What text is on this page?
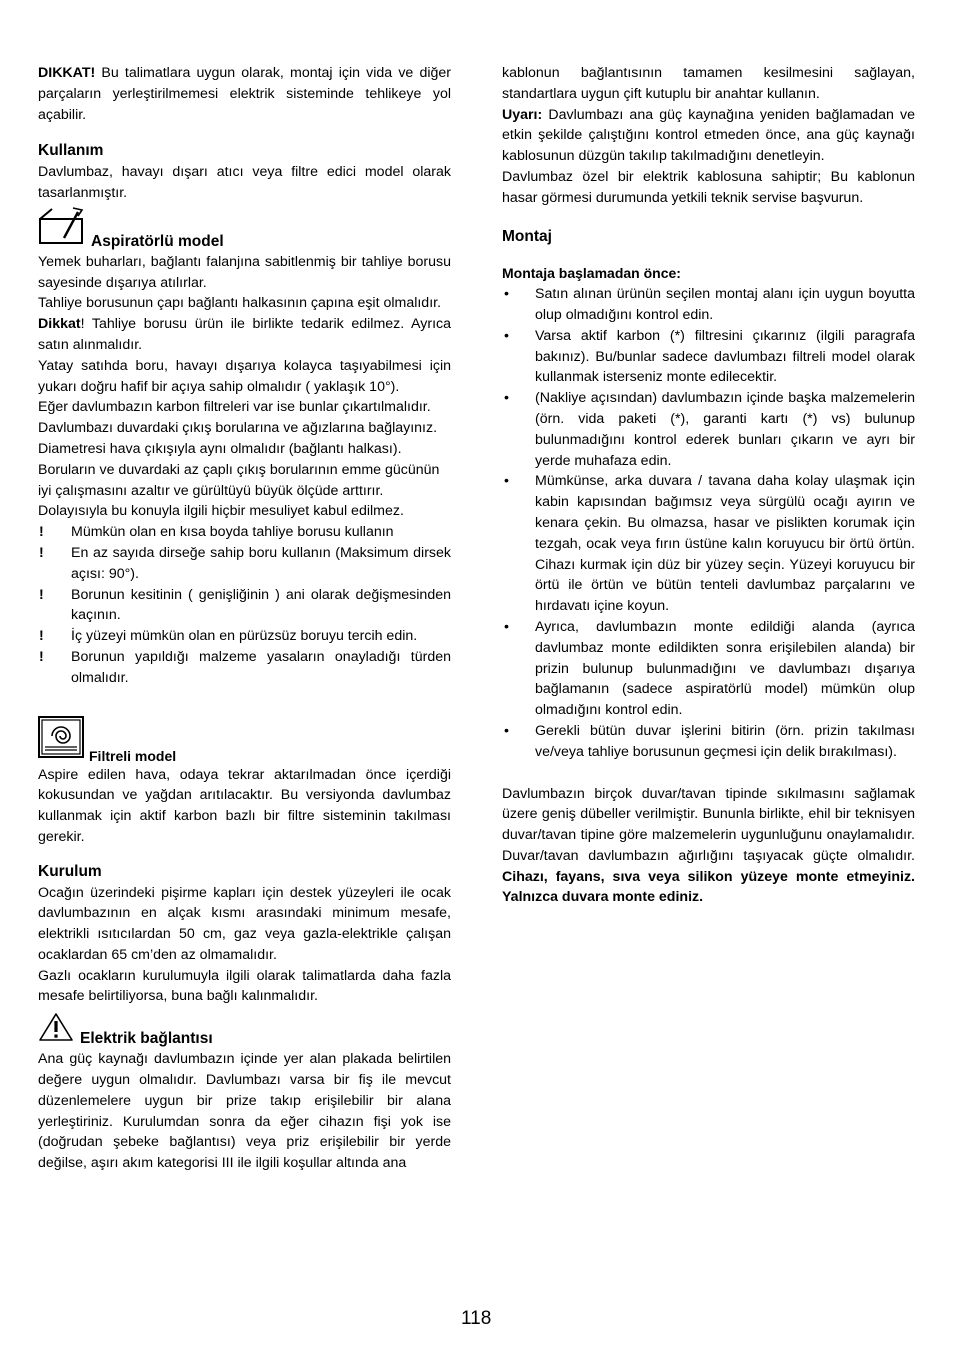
DIKKAT! Bu talimatlara uygun olarak, montaj için vida ve diğer parçaların yerleştirilmemesi elektrik sisteminde tehlikeye yol açabilir.

Kullanım

Davlumbaz, havayı dışarı atıcı veya filtre edici model olarak tasarlanmıştır.

Aspiratörlü model

Yemek buharları, bağlantı falanjına sabitlenmiş bir tahliye borusu sayesinde dışarıya atılırlar.

Tahliye borusunun çapı bağlantı halkasının çapına eşit olmalıdır.

Dikkat! Tahliye borusu ürün ile birlikte tedarik edilmez. Ayrıca satın alınmalıdır.

Yatay satıhda boru, havayı dışarıya kolayca taşıyabilmesi için yukarı doğru hafif bir açıya sahip olmalıdır ( yaklaşık 10°).

Eğer davlumbazın karbon filtreleri var ise bunlar çıkartılmalıdır.

Davlumbazı duvardaki çıkış borularına ve ağızlarına bağlayınız. Diametresi hava çıkışıyla aynı olmalıdır (bağlantı halkası).

Boruların ve duvardaki az çaplı çıkış borularının emme gücünün iyi çalışmasını azaltır ve gürültüyü büyük ölçüde arttırır.

Dolayısıyla bu konuyla ilgili hiçbir mesuliyet kabul edilmez.

! Mümkün olan en kısa boyda tahliye borusu kullanın
! En az sayıda dirseğe sahip boru kullanın (Maksimum dirsek açısı: 90°).
! Borunun kesitinin ( genişliğinin ) ani olarak değişmesinden kaçının.
! İç yüzeyi mümkün olan en pürüzsüz boruyu tercih edin.
! Borunun yapıldığı malzeme yasaların onayladığı türden olmalıdır.
Filtreli model

Aspire edilen hava, odaya tekrar aktarılmadan önce içerdiği kokusundan ve yağdan arıtılacaktır. Bu versiyonda davlumbaz kullanmak için aktif karbon bazlı bir filtre sisteminin takılması gerekir.

Kurulum

Ocağın üzerindeki pişirme kapları için destek yüzeyleri ile ocak davlumbazının en alçak kısmı arasındaki minimum mesafe, elektrikli ısıtıcılardan 50 cm, gaz veya gazla-elektrikle çalışan ocaklardan 65 cm’den az olmamalıdır.

Gazlı ocakların kurulumuyla ilgili olarak talimatlarda daha fazla mesafe belirtiliyorsa, buna bağlı kalınmalıdır.

Elektrik bağlantısı

Ana güç kaynağı davlumbazın içinde yer alan plakada belirtilen değere uygun olmalıdır. Davlumbazı varsa bir fiş ile mevcut düzenlemelere uygun bir prize takıp erişilebilir bir alana yerleştiriniz. Kurulumdan sonra da eğer cihazın fişi yok ise (doğrudan şebeke bağlantısı) veya priz erişilebilir bir yerde değilse, aşırı akım kategorisi III ile ilgili koşullar altında ana

kablonun bağlantısının tamamen kesilmesini sağlayan, standartlara uygun çift kutuplu bir anahtar kullanın.

Uyarı: Davlumbazı ana güç kaynağına yeniden bağlamadan ve etkin şekilde çalıştığını kontrol etmeden önce, ana güç kaynağı kablosunun düzgün takılıp takılmadığını denetleyin.

Davlumbaz özel bir elektrik kablosuna sahiptir; Bu kablonun hasar görmesi durumunda yetkili teknik servise başvurun.

Montaj
Montaja başlamadan önce:
• Satın alınan ürünün seçilen montaj alanı için uygun boyutta olup olmadığını kontrol edin.
• Varsa aktif karbon (*) filtresini çıkarınız (ilgili paragrafa bakınız). Bu/bunlar sadece davlumbazı filtreli model olarak kullanmak isterseniz monte edilecektir.
• (Nakliye açısından) davlumbazın içinde başka malzemelerin (örn. vida paketi (*), garanti kartı (*) vs) bulunup bulunmadığını kontrol ederek bunları çıkarın ve ayrı bir yerde muhafaza edin.
• Mümkünse, arka duvara / tavana daha kolay ulaşmak için kabin kapısından bağımsız veya sürgülü ocağı ayırın ve kenara çekin. Bu olmazsa, hasar ve pislikten korumak için tezgah, ocak veya fırın üstüne kalın koruyucu bir örtü örtün. Cihazı kurmak için düz bir yüzey seçin. Yüzeyi koruyucu bir örtü ile örtün ve bütün tenteli davlumbaz parçalarını ve hırdavatı içine koyun.
• Ayrıca, davlumbazın monte edildiği alanda (ayrıca davlumbaz monte edildikten sonra erişilebilen alanda) bir prizin bulunup bulunmadığını ve davlumbazı dışarıya bağlamanın (sadece aspiratörlü model) mümkün olup olmadığını kontrol edin.
• Gerekli bütün duvar işlerini bitirin (örn. prizin takılması ve/veya tahliye borusunun geçmesi için delik bırakılması).

Davlumbazın birçok duvar/tavan tipinde sıkılmasını sağlamak üzere geniş dübeller verilmiştir. Bununla birlikte, ehil bir teknisyen duvar/tavan tipine göre malzemelerin uygunluğunu onaylamalıdır. Duvar/tavan davlumbazın ağırlığını taşıyacak güçte olmalıdır. Cihazı, fayans, sıva veya silikon yüzeye monte etmeyiniz. Yalnızca duvara monte ediniz.

118
